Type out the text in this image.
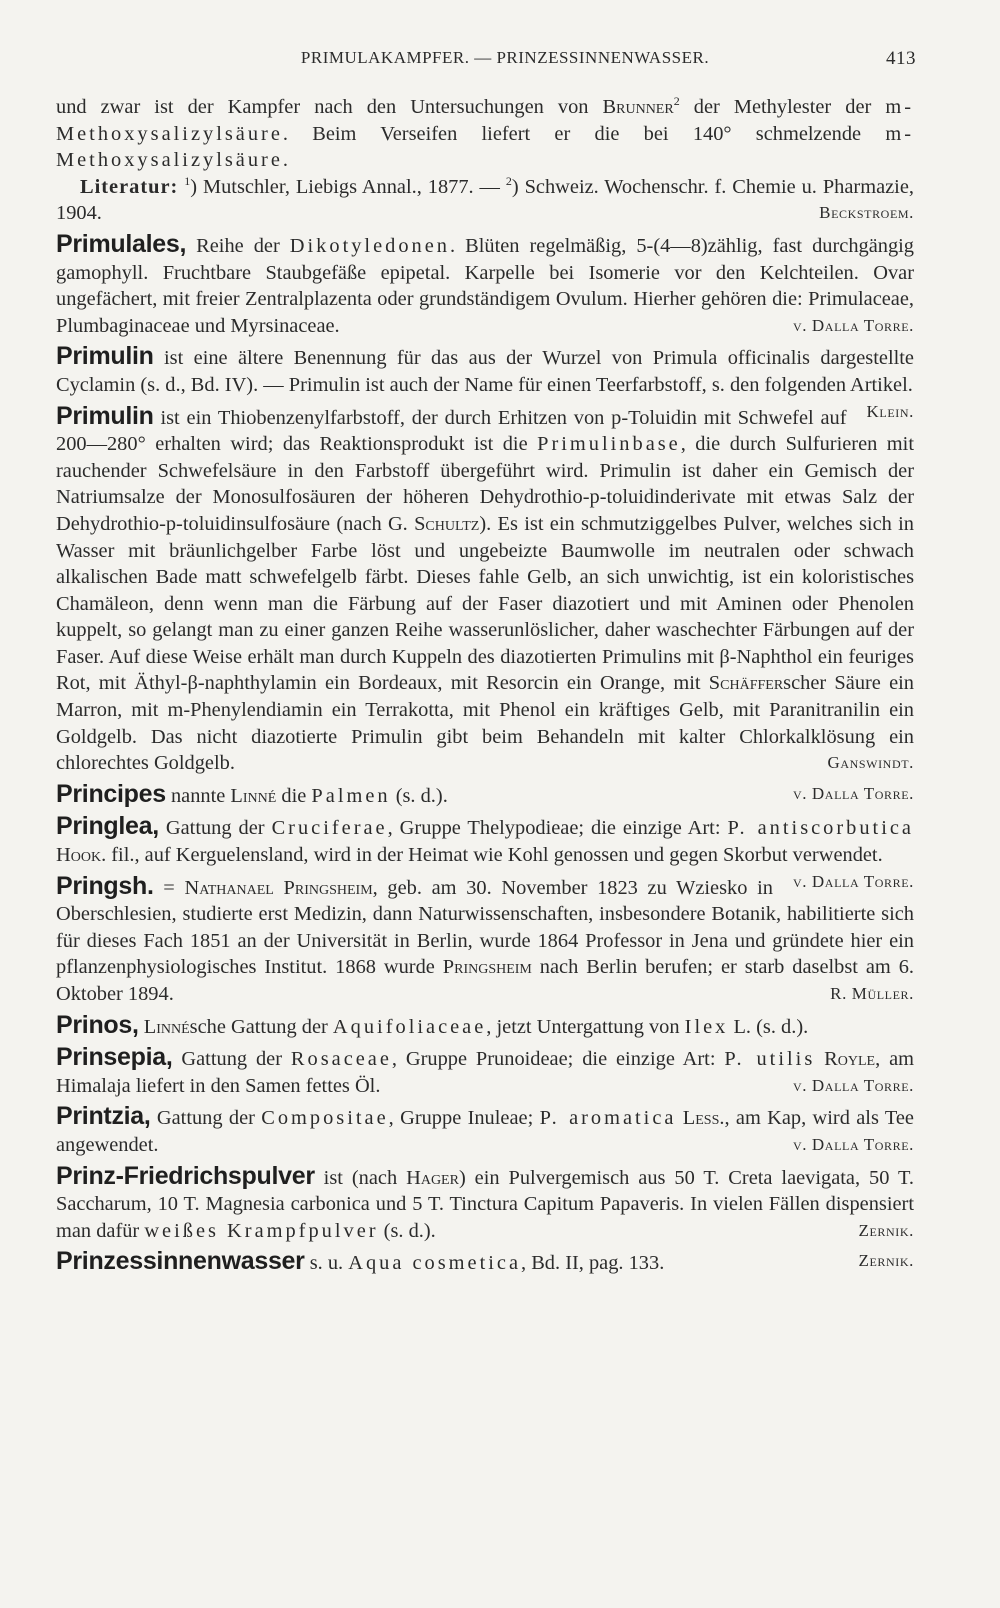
PRIMULAKAMPFER. — PRINZESSINNENWASSER.	413

und zwar ist der Kampfer nach den Untersuchungen von Brunner$^2$ der Methylester der m-Methoxysalizylsäure. Beim Verseifen liefert er die bei 140° schmelzende m-Methoxysalizylsäure.
Literatur: $^1$) Mutschler, Liebigs Annal., 1877. — $^2$) Schweiz. Wochenschr. f. Chemie u. Pharmazie, 1904.	Beckstroem.

Primulales, Reihe der Dikotyledonen. Blüten regelmäßig, 5-(4—8)zählig, fast durchgängig gamophyll. Fruchtbare Staubgefäße epipetal. Karpelle bei Isomerie vor den Kelchteilen. Ovar ungefächert, mit freier Zentralplazenta oder grundständigem Ovulum. Hierher gehören die: Primulaceae, Plumbaginaceae und Myrsinaceae.	v. Dalla Torre.

Primulin ist eine ältere Benennung für das aus der Wurzel von Primula officinalis dargestellte Cyclamin (s. d., Bd. IV). — Primulin ist auch der Name für einen Teerfarbstoff, s. den folgenden Artikel.
Klein.

Primulin ist ein Thiobenzenylfarbstoff, der durch Erhitzen von p-Toluidin mit Schwefel auf 200—280° erhalten wird; das Reaktionsprodukt ist die Primulinbase, die durch Sulfurieren mit rauchender Schwefelsäure in den Farbstoff übergeführt wird. Primulin ist daher ein Gemisch der Natriumsalze der Monosulfosäuren der höheren Dehydrothio-p-toluidinderivate mit etwas Salz der Dehydrothio-p-toluidinsulfosäure (nach G. Schultz). Es ist ein schmutziggelbes Pulver, welches sich in Wasser mit bräunlichgelber Farbe löst und ungebeizte Baumwolle im neutralen oder schwach alkalischen Bade matt schwefelgelb färbt. Dieses fahle Gelb, an sich unwichtig, ist ein koloristisches Chamäleon, denn wenn man die Färbung auf der Faser diazotiert und mit Aminen oder Phenolen kuppelt, so gelangt man zu einer ganzen Reihe wasserunlöslicher, daher waschechter Färbungen auf der Faser. Auf diese Weise erhält man durch Kuppeln des diazotierten Primulins mit β-Naphthol ein feuriges Rot, mit Äthyl-β-naphthylamin ein Bordeaux, mit Resorcin ein Orange, mit Schäfferscher Säure ein Marron, mit m-Phenylendiamin ein Terrakotta, mit Phenol ein kräftiges Gelb, mit Paranitranilin ein Goldgelb. Das nicht diazotierte Primulin gibt beim Behandeln mit kalter Chlorkalklösung ein chlorechtes Goldgelb.	Ganswindt.

Principes nannte Linné die Palmen (s. d.).	v. Dalla Torre.

Pringlea, Gattung der Cruciferae, Gruppe Thelypodieae; die einzige Art: P. antiscorbutica Hook. fil., auf Kerguelensland, wird in der Heimat wie Kohl genossen und gegen Skorbut verwendet.
v. Dalla Torre.

Pringsh. = Nathanael Pringsheim, geb. am 30. November 1823 zu Wziesko in Oberschlesien, studierte erst Medizin, dann Naturwissenschaften, insbesondere Botanik, habilitierte sich für dieses Fach 1851 an der Universität in Berlin, wurde 1864 Professor in Jena und gründete hier ein pflanzenphysiologisches Institut. 1868 wurde Pringsheim nach Berlin berufen; er starb daselbst am 6. Oktober 1894.	R. Müller.

Prinos, Linnésche Gattung der Aquifoliaceae, jetzt Untergattung von Ilex L. (s. d.).

Prinsepia, Gattung der Rosaceae, Gruppe Prunoideae; die einzige Art: P. utilis Royle, am Himalaja liefert in den Samen fettes Öl.	v. Dalla Torre.

Printzia, Gattung der Compositae, Gruppe Inuleae; P. aromatica Less., am Kap, wird als Tee angewendet.	v. Dalla Torre.

Prinz-Friedrichspulver ist (nach Hager) ein Pulvergemisch aus 50 T. Creta laevigata, 50 T. Saccharum, 10 T. Magnesia carbonica und 5 T. Tinctura Capitum Papaveris. In vielen Fällen dispensiert man dafür weißes Krampfpulver (s. d.).	Zernik.

Prinzessinnenwasser s. u. Aqua cosmetica, Bd. II, pag. 133.	Zernik.
